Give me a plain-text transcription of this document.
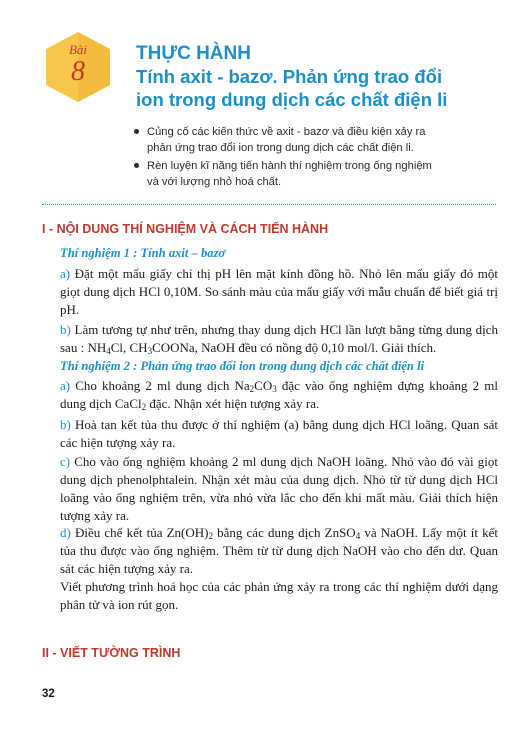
Bài
8
THỰC HÀNH
Tính axit - bazơ. Phản ứng trao đổi
ion trong dung dịch các chất điện li
Củng cố các kiến thức về axit - bazơ và điều kiện xảy ra
phản ứng trao đổi ion trong dung dịch các chất điện li.
Rèn luyện kĩ năng tiến hành thí nghiệm trong ống nghiệm
và với lượng nhỏ hoá chất.
I - NỘI DUNG THÍ NGHIỆM VÀ CÁCH TIẾN HÀNH
Thí nghiệm 1 : Tính axit – bazơ
a) Đặt một mẩu giấy chỉ thị pH lên mặt kính đồng hồ. Nhỏ lên mẩu giấy đó một giọt dung dịch HCl 0,10M. So sánh màu của mẩu giấy với mẫu chuẩn để biết giá trị pH.
b) Làm tương tự như trên, nhưng thay dung dịch HCl lần lượt bằng từng dung dịch sau : $NH_4Cl$, $CH_3COONa$, NaOH đều có nồng độ 0,10 mol/l. Giải thích.
Thí nghiệm 2 : Phản ứng trao đổi ion trong dung dịch các chất điện li
a) Cho khoảng 2 ml dung dịch $Na_2CO_3$ đặc vào ống nghiệm đựng khoảng 2 ml dung dịch CaCl$_2$ đặc. Nhận xét hiện tượng xảy ra.
b) Hoà tan kết tủa thu được ở thí nghiệm (a) bằng dung dịch HCl loãng. Quan sát các hiện tượng xảy ra.
c) Cho vào ống nghiệm khoảng 2 ml dung dịch NaOH loãng. Nhỏ vào đó vài giọt dung dịch phenolphtalein. Nhận xét màu của dung dịch. Nhỏ từ từ dung dịch HCl loãng vào ống nghiệm trên, vừa nhỏ vừa lắc cho đến khi mất màu. Giải thích hiện tượng xảy ra.
d) Điều chế kết tủa $Zn(OH)_2$ bằng các dung dịch ZnSO$_4$ và NaOH. Lấy một ít kết tủa thu được vào ống nghiệm. Thêm từ từ dung dịch NaOH vào cho đến dư. Quan sát các hiện tượng xảy ra.
Viết phương trình hoá học của các phản ứng xảy ra trong các thí nghiệm dưới dạng phân tử và ion rút gọn.
II - VIẾT TƯỜNG TRÌNH
32
